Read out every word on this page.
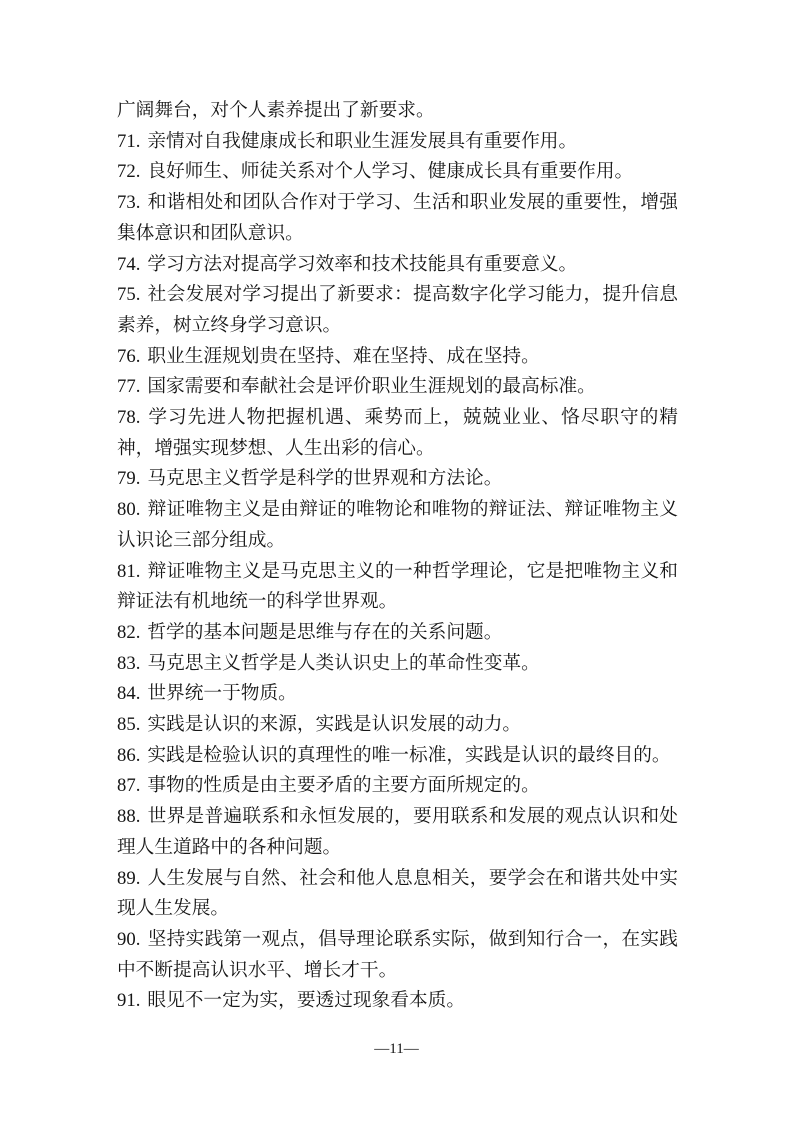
广阔舞台，对个人素养提出了新要求。

71. 亲情对自我健康成长和职业生涯发展具有重要作用。

72. 良好师生、师徒关系对个人学习、健康成长具有重要作用。

73. 和谐相处和团队合作对于学习、生活和职业发展的重要性，增强集体意识和团队意识。

74. 学习方法对提高学习效率和技术技能具有重要意义。

75. 社会发展对学习提出了新要求：提高数字化学习能力，提升信息素养，树立终身学习意识。

76. 职业生涯规划贵在坚持、难在坚持、成在坚持。

77. 国家需要和奉献社会是评价职业生涯规划的最高标准。

78. 学习先进人物把握机遇、乘势而上，兢兢业业、恪尽职守的精神，增强实现梦想、人生出彩的信心。

79. 马克思主义哲学是科学的世界观和方法论。

80. 辩证唯物主义是由辩证的唯物论和唯物的辩证法、辩证唯物主义认识论三部分组成。

81. 辩证唯物主义是马克思主义的一种哲学理论，它是把唯物主义和辩证法有机地统一的科学世界观。

82. 哲学的基本问题是思维与存在的关系问题。

83. 马克思主义哲学是人类认识史上的革命性变革。

84. 世界统一于物质。

85. 实践是认识的来源，实践是认识发展的动力。

86. 实践是检验认识的真理性的唯一标准，实践是认识的最终目的。

87. 事物的性质是由主要矛盾的主要方面所规定的。

88. 世界是普遍联系和永恒发展的，要用联系和发展的观点认识和处理人生道路中的各种问题。

89. 人生发展与自然、社会和他人息息相关，要学会在和谐共处中实现人生发展。

90. 坚持实践第一观点，倡导理论联系实际，做到知行合一，在实践中不断提高认识水平、增长才干。

91. 眼见不一定为实，要透过现象看本质。

—11—
